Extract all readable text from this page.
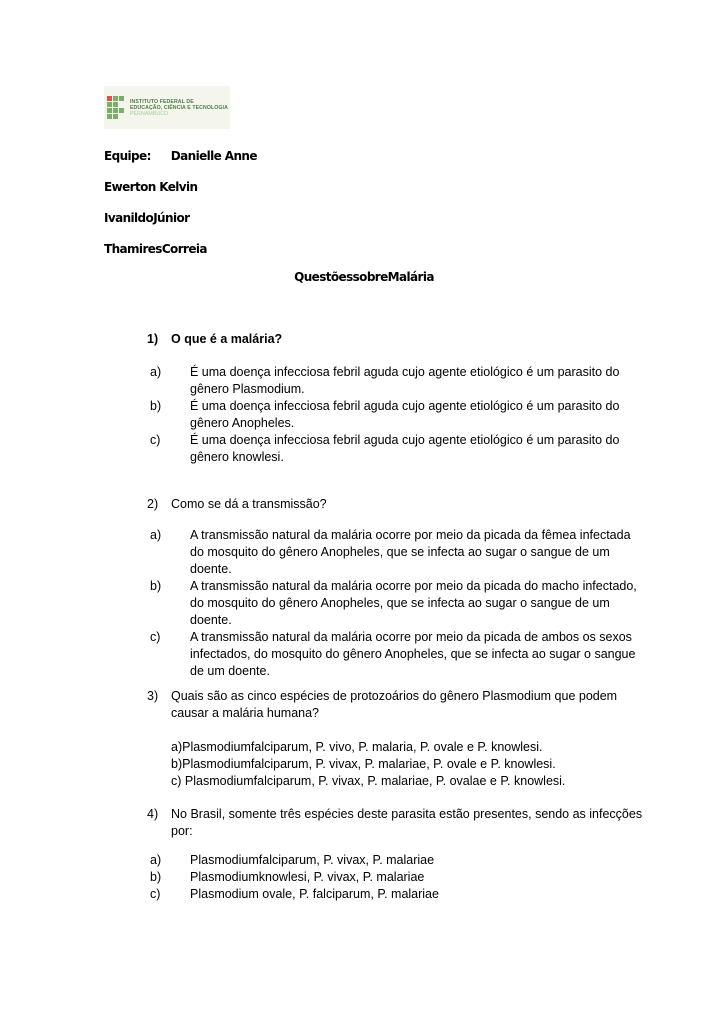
INSTITUTO FEDERAL DE
EDUCAÇÃO, CIÊNCIA E TECNOLOGIA
PERNAMBUCO
Equipe: Danielle Anne
Ewerton Kelvin
IvanildoJúnior
ThamiresCorreia
QuestõessobreMalária
1) O que é a malária?
a) É uma doença infecciosa febril aguda cujo agente etiológico é um parasito do gênero Plasmodium.
b) É uma doença infecciosa febril aguda cujo agente etiológico é um parasito do gênero Anopheles.
c) É uma doença infecciosa febril aguda cujo agente etiológico é um parasito do gênero knowlesi.
2) Como se dá a transmissão?
a) A transmissão natural da malária ocorre por meio da picada da fêmea infectada do mosquito do gênero Anopheles, que se infecta ao sugar o sangue de um doente.
b) A transmissão natural da malária ocorre por meio da picada do macho infectado, do mosquito do gênero Anopheles, que se infecta ao sugar o sangue de um doente.
c) A transmissão natural da malária ocorre por meio da picada de ambos os sexos infectados, do mosquito do gênero Anopheles, que se infecta ao sugar o sangue de um doente.
3) Quais são as cinco espécies de protozoários do gênero Plasmodium que podem causar a malária humana?
a)Plasmodiumfalciparum, P. vivo, P. malaria, P. ovale e P. knowlesi.
b)Plasmodiumfalciparum, P. vivax, P. malariae, P. ovale e P. knowlesi.
c) Plasmodiumfalciparum, P. vivax, P. malariae, P. ovalae e P. knowlesi.
4) No Brasil, somente três espécies deste parasita estão presentes, sendo as infecções por:
a) Plasmodiumfalciparum, P. vivax, P. malariae
b) Plasmodiumknowlesi, P. vivax, P. malariae
c) Plasmodium ovale, P. falciparum, P. malariae
